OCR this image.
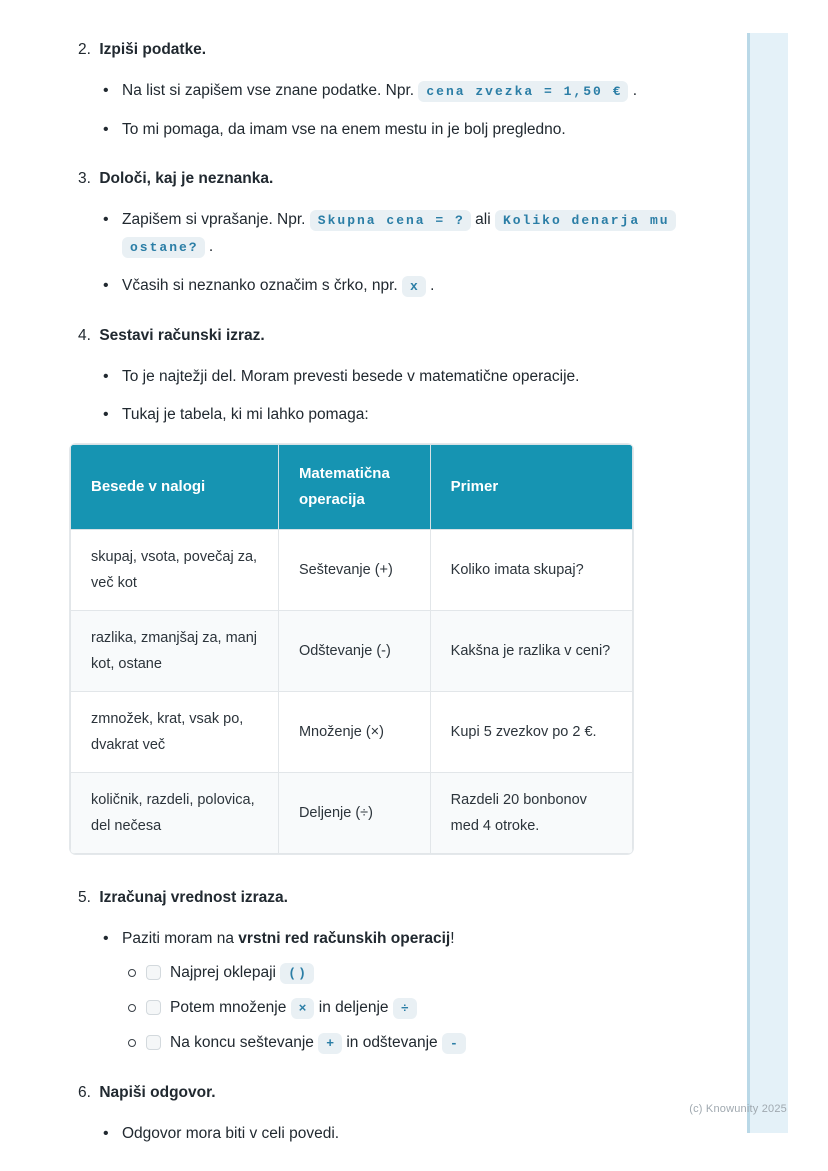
2. Izpiši podatke.
• Na list si zapišem vse znane podatke. Npr. cena zvezka = 1,50 € .
• To mi pomaga, da imam vse na enem mestu in je bolj pregledno.
3. Določi, kaj je neznanka.
• Zapišem si vprašanje. Npr. Skupna cena = ? ali Koliko denarja mu ostane? .
• Včasih si neznanko označim s črko, npr. x .
4. Sestavi računski izraz.
• To je najtežji del. Moram prevesti besede v matematične operacije.
• Tukaj je tabela, ki mi lahko pomaga:
Besede v nalogi	Matematična operacija	Primer
skupaj, vsota, povečaj za, več kot	Seštevanje (+)	Koliko imata skupaj?
razlika, zmanjšaj za, manj kot, ostane	Odštevanje (-)	Kakšna je razlika v ceni?
zmnožek, krat, vsak po, dvakrat več	Množenje (×)	Kupi 5 zvezkov po 2 €.
količnik, razdeli, polovica, del nečesa	Deljenje (÷)	Razdeli 20 bonbonov med 4 otroke.
5. Izračunaj vrednost izraza.
• Paziti moram na vrstni red računskih operacij!
Najprej oklepaji ()
Potem množenje × in deljenje ÷
Na koncu seštevanje + in odštevanje -
6. Napiši odgovor.
• Odgovor mora biti v celi povedi.
(c) Knowunity 2025
